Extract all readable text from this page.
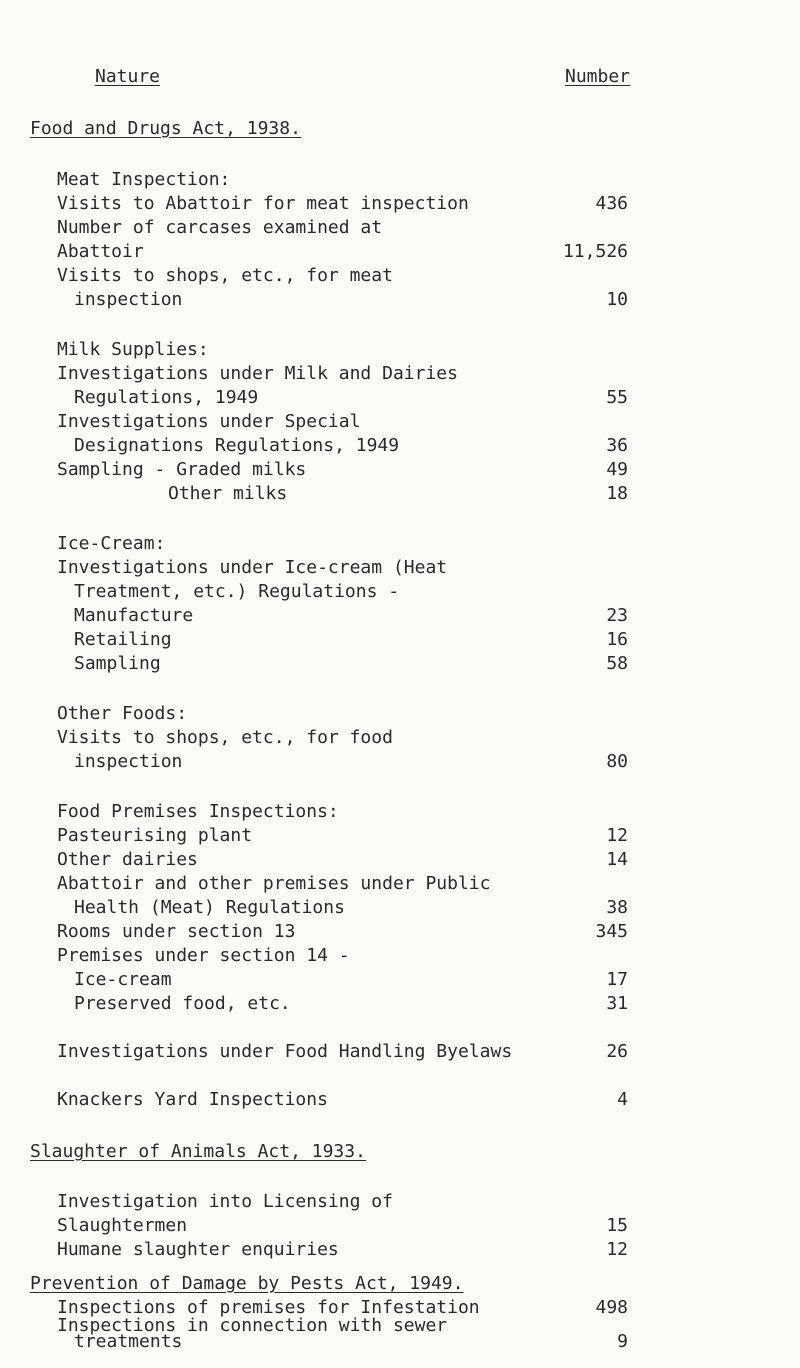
Nature	Number
Food and Drugs Act, 1938.
Meat Inspection:
Visits to Abattoir for meat inspection	436
Number of carcases examined at
Abattoir	11,526
Visits to shops, etc., for meat
inspection	10
Milk Supplies:
Investigations under Milk and Dairies
Regulations, 1949	55
Investigations under Special
Designations Regulations, 1949	36
Sampling - Graded milks	49
Other milks	18
Ice-Cream:
Investigations under Ice-cream (Heat
Treatment, etc.) Regulations -
Manufacture	23
Retailing	16
Sampling	58
Other Foods:
Visits to shops, etc., for food
inspection	80
Food Premises Inspections:
Pasteurising plant	12
Other dairies	14
Abattoir and other premises under Public
Health (Meat) Regulations	38
Rooms under section 13	345
Premises under section 14 -
Ice-cream	17
Preserved food, etc.	31
Investigations under Food Handling Byelaws	26
Knackers Yard Inspections	4
Slaughter of Animals Act, 1933.
Investigation into Licensing of
Slaughtermen	15
Humane slaughter enquiries	12
Prevention of Damage by Pests Act, 1949.
Inspections of premises for Infestation	498
Inspections in connection with sewer
treatments	9
